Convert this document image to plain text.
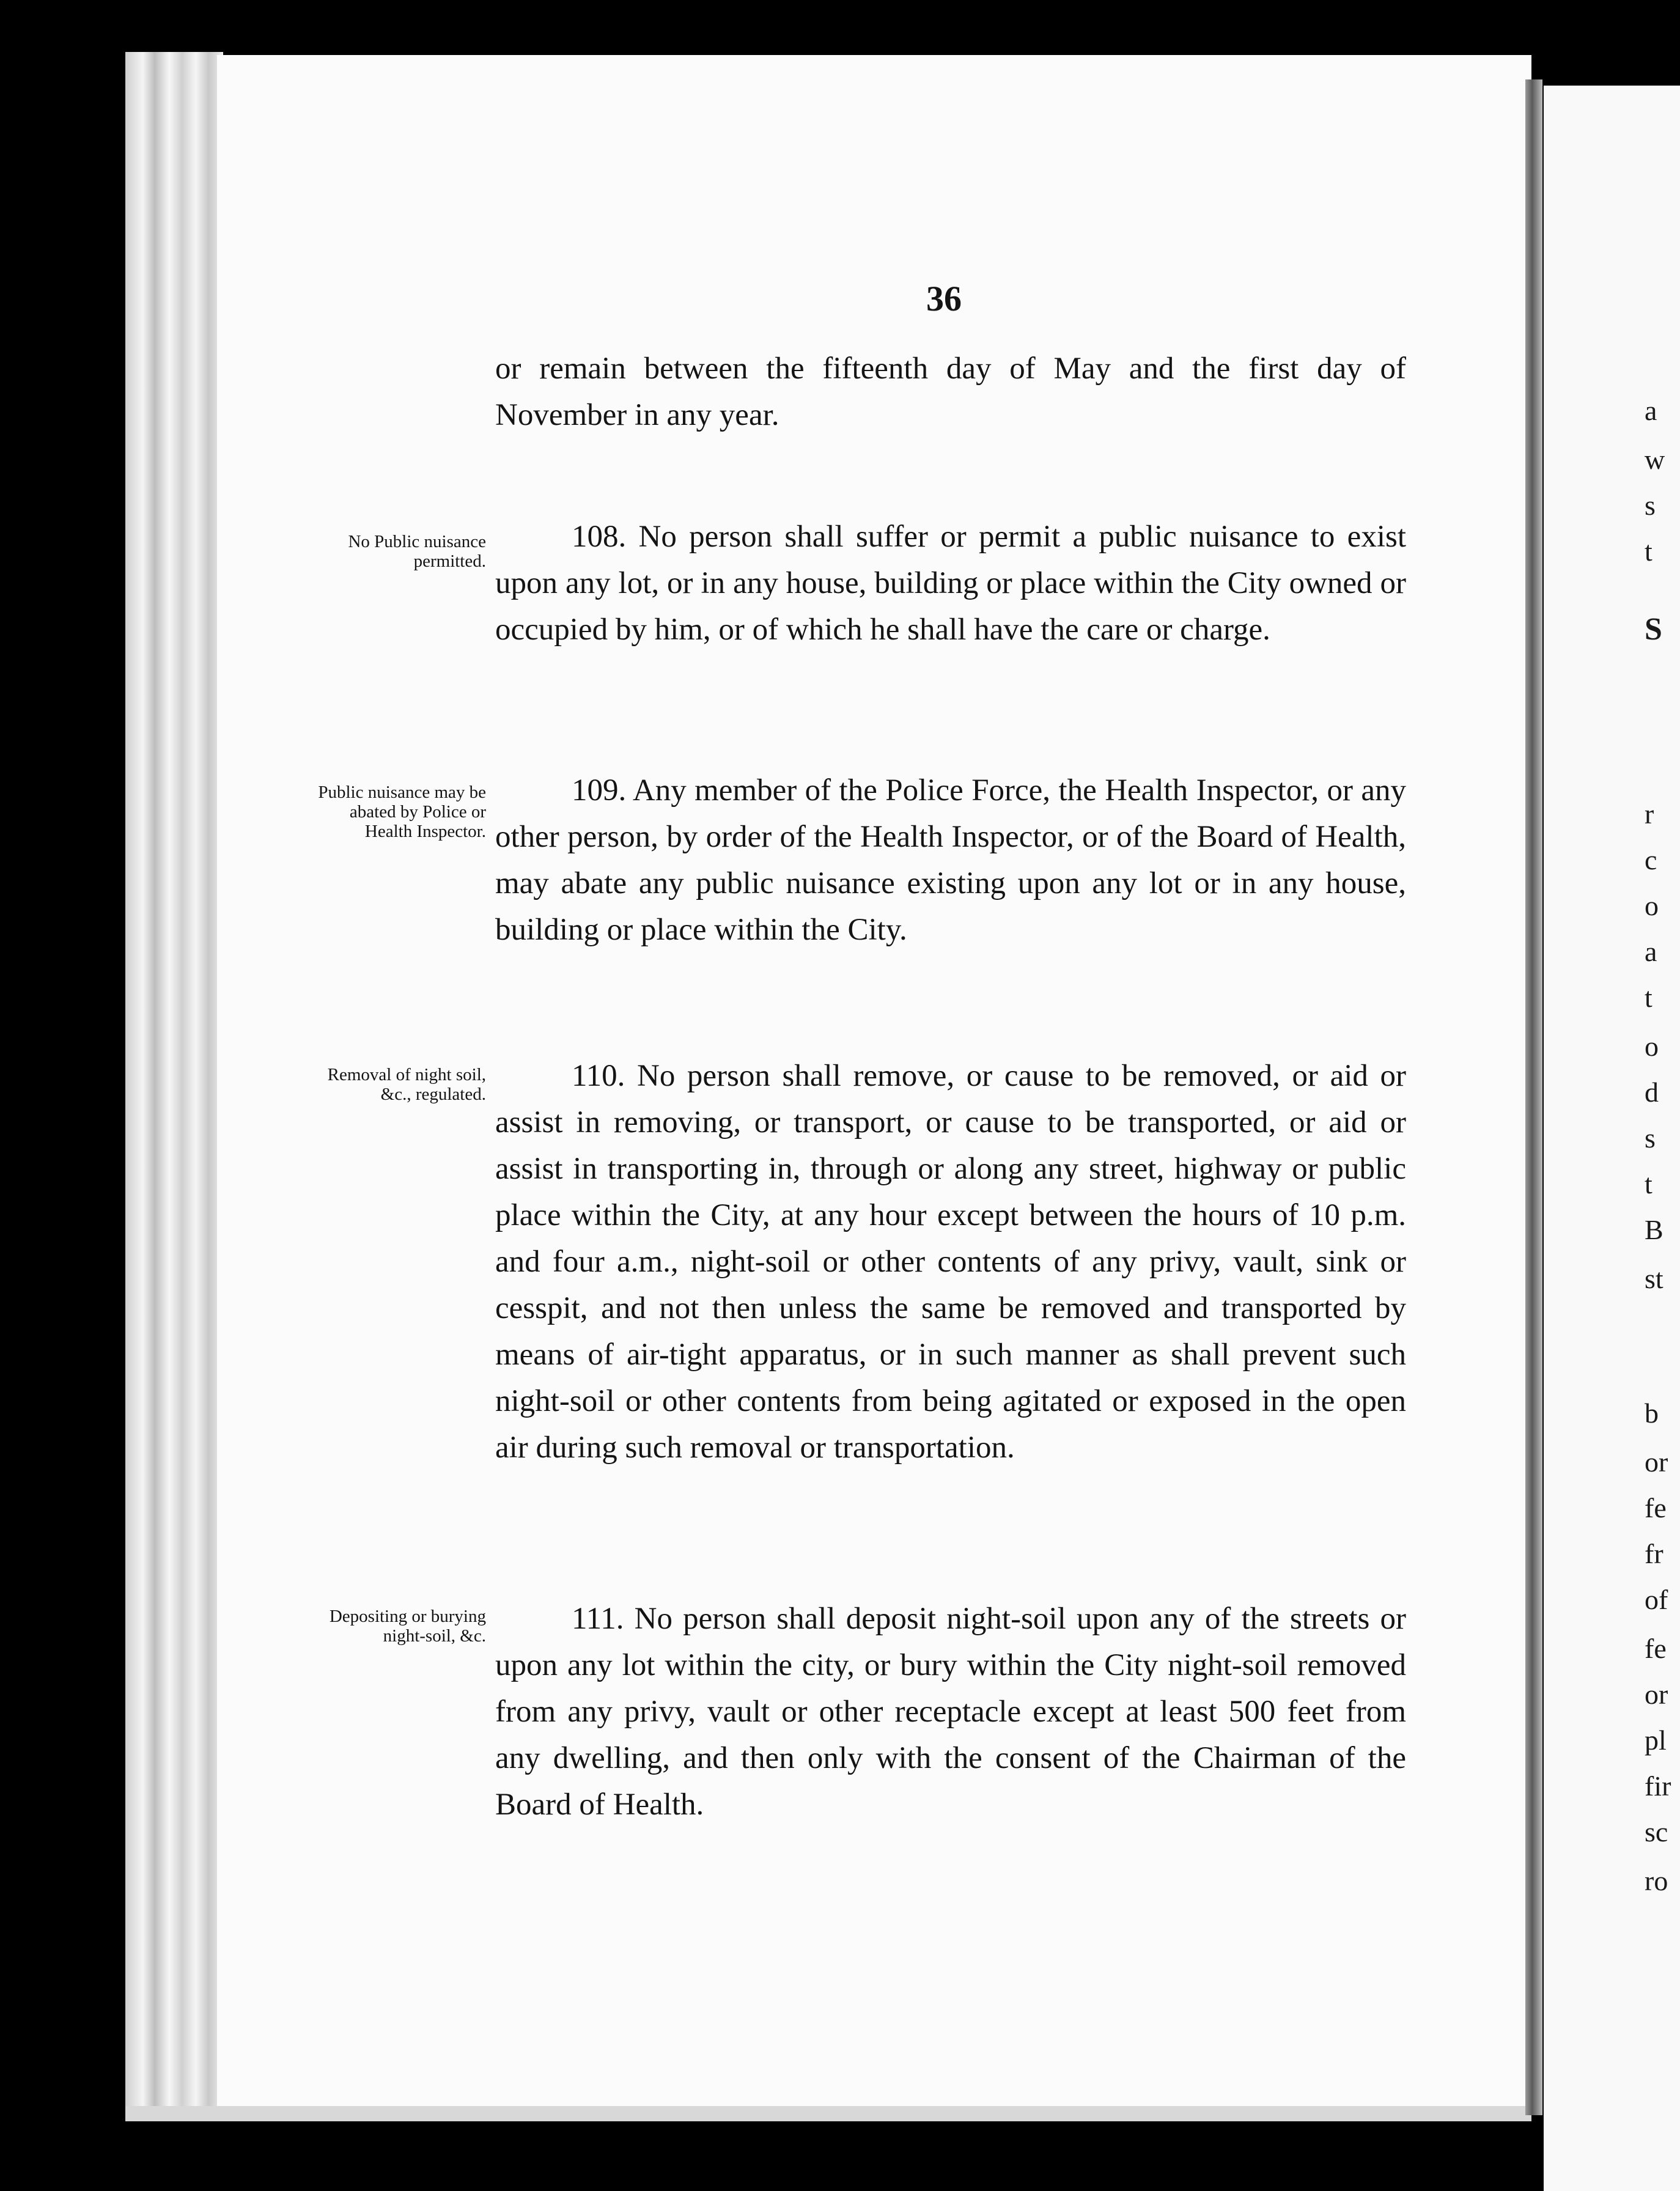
36
or remain between the fifteenth day of May and the first day of November in any year.
No Public nuisance permitted.
108. No person shall suffer or permit a public nuisance to exist upon any lot, or in any house, building or place within the City owned or occupied by him, or of which he shall have the care or charge.
Public nuisance may be abated by Police or Health Inspector.
109. Any member of the Police Force, the Health Inspector, or any other person, by order of the Health Inspector, or of the Board of Health, may abate any public nuisance existing upon any lot or in any house, building or place within the City.
Removal of night soil, &c., regulated.
110. No person shall remove, or cause to be removed, or aid or assist in removing, or transport, or cause to be transported, or aid or assist in transporting in, through or along any street, highway or public place within the City, at any hour except between the hours of 10 p.m. and four a.m., night-soil or other contents of any privy, vault, sink or cesspit, and not then unless the same be removed and transported by means of air-tight apparatus, or in such manner as shall prevent such night-soil or other contents from being agitated or exposed in the open air during such removal or transportation.
Depositing or burying night-soil, &c.	111. No person shall deposit night-soil upon any of the streets or upon any lot within the city, or bury within the City night-soil removed from any privy, vault or other receptacle except at least 500 feet from any dwelling, and then only with the consent of the Chairman of the Board of Health.
a
w
s
t
S
r
c
o
a
t
o
d
s
t
B
st
b
or
fe
fr
of
fe
or
pl
fir
sc
ro
